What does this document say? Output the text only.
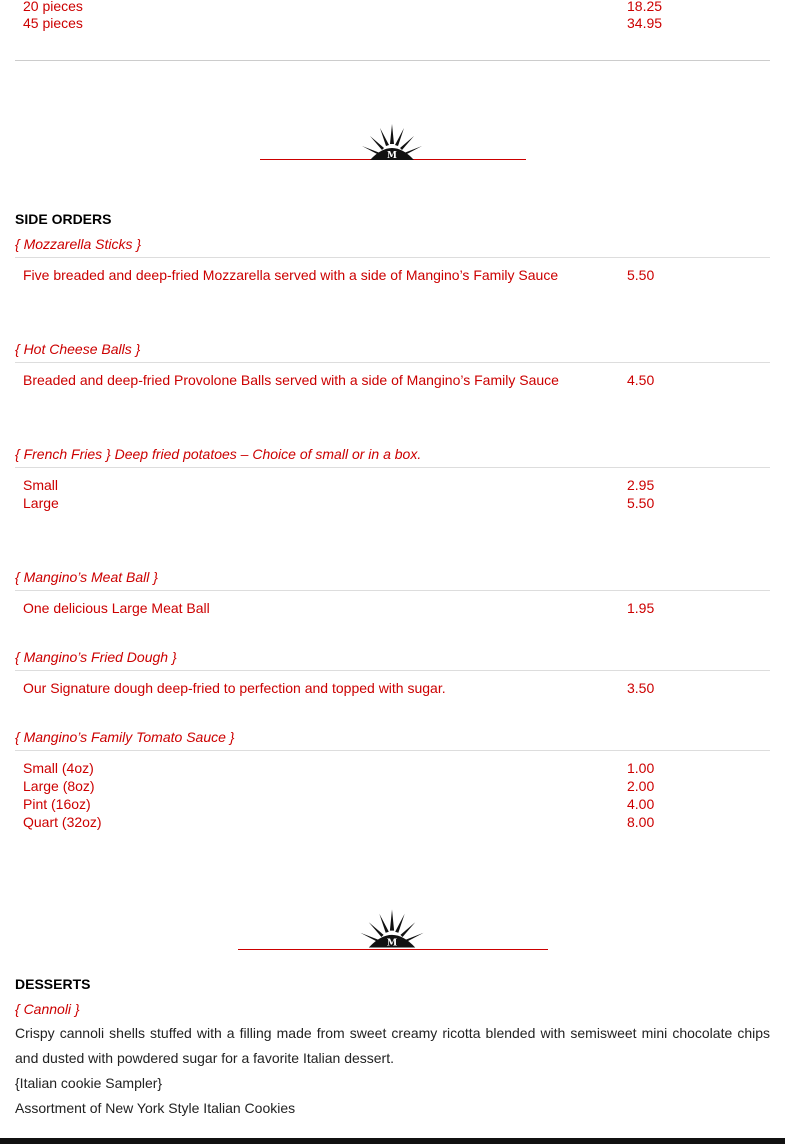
20 pieces	18.25
45 pieces	34.95
M
SIDE ORDERS
{ Mozzarella Sticks }
Five breaded and deep-fried Mozzarella served with a side of Mangino’s Family Sauce	5.50
{ Hot Cheese Balls }
Breaded and deep-fried Provolone Balls served with a side of Mangino’s Family Sauce	4.50
{ French Fries } Deep fried potatoes – Choice of small or in a box.
Small	2.95
Large	5.50
{ Mangino’s Meat Ball }
One delicious Large Meat Ball	1.95
{ Mangino’s Fried Dough }
Our Signature dough deep-fried to perfection and topped with sugar.	3.50
{ Mangino’s Family Tomato Sauce }
Small (4oz)	1.00
Large (8oz)	2.00
Pint (16oz)	4.00
Quart (32oz)	8.00
M
DESSERTS
{ Cannoli }
Crispy cannoli shells stuffed with a filling made from sweet creamy ricotta blended with semisweet mini chocolate chips and dusted with powdered sugar for a favorite Italian dessert.
{Italian cookie Sampler}
Assortment of New York Style Italian Cookies
